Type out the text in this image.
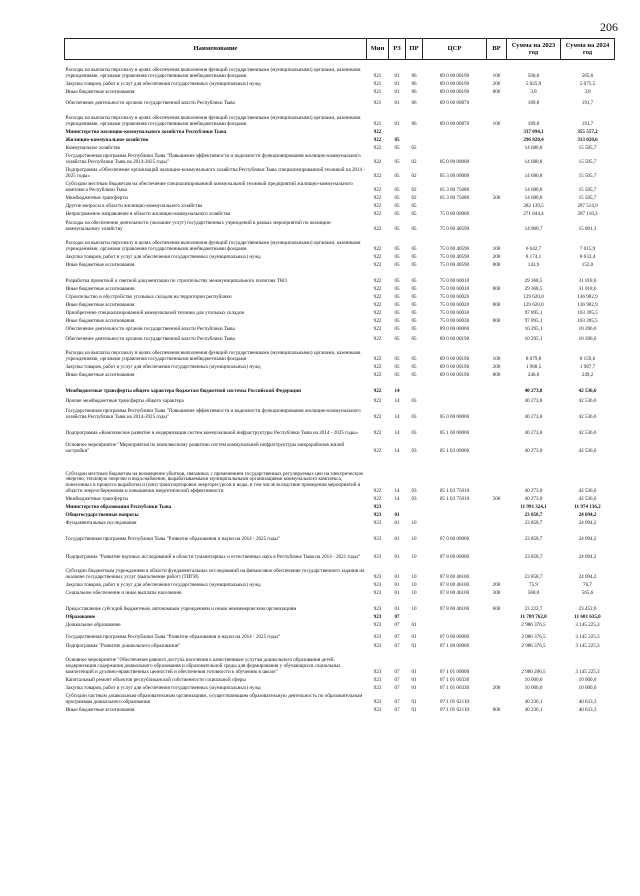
206
Наименование	Мин	РЗ	ПР	ЦСР	ВР	Сумма на 2023 год	Сумма на 2024 год
Расходы на выплаты персоналу в целях обеспечения выполнения функций государственными (муниципальными) органами, казенными учреждениями, органами управления государственными внебюджетными фондами	921	01	06	89 0 00 00190	100	560,0	565,6
Закупка товаров, работ и услуг для обеспечения государственных (муниципальных) нужд	921	01	06	89 0 00 00190	200	5 025,9	5 075,5
Иные бюджетные ассигнования	921	01	06	89 0 00 00190	800	3,8	3,8
Обеспечение деятельности органов государственной власти Республики Тыва	921	01	06	89 0 00 00870		189,8	191,7
Расходы на выплаты персоналу в целях обеспечения выполнения функций государственными (муниципальными) органами, казенными учреждениями, органами управления государственными внебюджетными фондами	921	01	06	89 0 00 00870	100	189,8	191,7
Министерство жилищно-коммунального хозяйства Республики Тыва	922					337 094,1	355 557,2
Жилищно-коммунальное хозяйство	922	05				296 820,4	313 020,6
Коммунальное хозяйство	922	05	02			14 680,8	15 505,7
Государственная программа Республики Тыва "Повышение эффективности и надежности функционирования жилищно-коммунального хозяйства Республики Тыва на 2014-2025 годы"	922	05	02	05 0 00 00000		14 680,8	15 505,7
Подпрограмма «Обеспечение организаций жилищно-коммунального хозяйства Республики Тыва специализированной техникой на 2014 - 2025 годы»	922	05	02	05 3 00 00000		14 680,8	15 505,7
Субсидии местным бюджетам на обеспечение специализированной коммунальной техникой предприятий жилищно-коммунального комплекса Республики Тыва	922	05	02	05 3 00 75080		14 680,8	15 505,7
Межбюджетные трансферты	922	05	02	05 3 00 75080	500	14 680,8	15 505,7
Другие вопросы в области жилищно-коммунального хозяйства	922	05	05			282 139,5	297 514,9
Непрограммное направление в области жилищно-коммунального хозяйства	922	05	05	75 0 00 00000		271 844,4	287 118,3
Расходы на обеспечение деятельности (оказание услуг) государственных учреждений в рамках мероприятий по жилищно-коммунальному хозяйству	922	05	05	75 0 00 40590		14 960,7	15 801,3
Расходы на выплаты персоналу в целях обеспечения выполнения функций государственными (муниципальными) органами, казенными учреждениями, органами управления государственными внебюджетными фондами	922	05	05	75 0 00 40590	100	6 642,7	7 015,9
Закупка товаров, работ и услуг для обеспечения государственных (муниципальных) нужд	922	05	05	75 0 00 40590	200	8 174,1	8 633,4
Иные бюджетные ассигнования	922	05	05	75 0 00 40590	800	143,9	152,0
Разработка проектной и сметной документации по строительству межмуниципального полигона ТКО	922	05	05	75 0 00 60010		29 368,5	31 018,6
Иные бюджетные ассигнования	922	05	05	75 0 00 60010	800	29 368,5	31 018,6
Строительство и обустройство угольных складов на территории республики	922	05	05	75 0 00 60020		129 620,0	136 902,9
Иные бюджетные ассигнования	922	05	05	75 0 00 60020	800	129 620,0	136 902,9
Приобретение специализированной коммунальной техники для угольных складов	922	05	05	75 0 00 60030		97 895,1	103 395,5
Иные бюджетные ассигнования	922	05	05	75 0 00 60030	800	97 895,1	103 395,5
Обеспечение деятельности органов государственной власти Республики Тыва	922	05	05	89 0 00 00000		10 295,1	10 396,6
Обеспечение деятельности органов государственной власти Республики Тыва	922	05	05	89 0 00 00190		10 295,1	10 396,6
Расходы на выплаты персоналу в целях обеспечения выполнения функций государственными (муниципальными) органами, казенными учреждениями, органами управления государственными внебюджетными фондами	922	05	05	89 0 00 00190	100	8 079,8	8 159,6
Закупка товаров, работ и услуг для обеспечения государственных (муниципальных) нужд	922	05	05	89 0 00 00190	200	1 968,5	1 987,7
Иные бюджетные ассигнования	922	05	05	89 0 00 00190	800	246,8	249,2
Межбюджетные трансферты общего характера бюджетам бюджетной системы Российской Федерации	922	14				40 273,8	42 536,6
Прочие межбюджетные трансферты общего характера	922	14	03			40 273,8	42 536,6
Государственная программа Республики Тыва "Повышение эффективности и надежности функционирования жилищно-коммунального хозяйства Республики Тыва на 2014-2025 годы"	922	14	03	05 0 00 00000		40 273,8	42 536,6
Подпрограмма «Комплексное развитие и модернизация систем коммунальной инфраструктуры Республики Тыва на 2014 - 2025 годы»	922	14	03	05 1 00 00000		40 273,8	42 536,6
Основное мероприятие "Мероприятия по комплексному развитию систем коммунальной инфраструктуры микрорайонов жилой застройки"	922	14	03	05 1 03 00000		40 273,8	42 536,6
Субсидии местным бюджетам на возмещение убытков, связанных с применением государственных регулируемых цен на электрическую энергию, тепловую энергию и водоснабжение, вырабатываемыми муниципальными организациями коммунального комплекса, понесенных в процессе выработки и (или) транспортировки энергоресурсов и воды, в том числе вследствие проведения мероприятий в области энергосбережения и повышения энергетической эффективности	922	14	03	05 1 03 75010		40 273,8	42 536,6
Межбюджетные трансферты	922	14	03	05 1 03 75010	500	40 273,8	42 536,6
Министерство образования Республики Тыва	923					11 991 324,1	11 974 136,2
Общегосударственные вопросы	923	01				23 858,7	24 094,2
Фундаментальные исследования	923	01	10			23 858,7	24 094,2
Государственная программа Республики Тыва "Развитие образования и науки на 2014 - 2025 годы"	923	01	10	07 0 00 00000		23 858,7	24 094,2
Подпрограмма "Развитие научных исследований в области гуманитарных и естественных наук в Республике Тыва на 2014 - 2021 годы"	923	01	10	07 8 00 00000		23 858,7	24 094,2
Субсидии бюджетным учреждениям в области фундаментальных исследований на финансовое обеспечение государственного задания на оказание государственных услуг (выполнение работ) (ТИГИ)	923	01	10	07 8 00 46100		23 858,7	24 094,2
Закупка товаров, работ и услуг для обеспечения государственных (муниципальных) нужд	923	01	10	07 8 00 46100	200	75,9	76,7
Социальное обеспечение и иные выплаты населению	923	01	10	07 8 00 46100	300	560,0	565,6
Предоставление субсидий бюджетным, автономным учреждениям и иным некоммерческим организациям	923	01	10	07 8 00 46100	600	23 222,7	23 452,0
Образование	923	07				11 709 762,0	11 681 635,0
Дошкольное образование	923	07	01			2 986 376,5	3 145 225,3
Государственная программа Республики Тыва "Развитие образования и науки на 2014 - 2025 годы"	923	07	01	07 0 00 00000		2 986 376,5	3 145 225,3
Подпрограмма "Развитие дошкольного образования"	923	07	01	07 1 00 00000		2 986 376,5	3 145 225,3
Основное мероприятие "Обеспечение равного доступа населения к качественным услугам дошкольного образования детей: модернизация содержания дошкольного образования и образовательной среды для формирования у обучающихся социальных компетенций и духовно-нравственных ценностей и обеспечения готовности к обучению в школе"	923	07	01	07 1 01 00000		2 980 206,5	3 145 225,3
Капитальный ремонт объектов республиканской собственности социальной сферы	923	07	01	07 1 01 00330		10 000,0	10 000,0
Закупка товаров, работ и услуг для обеспечения государственных (муниципальных) нужд	923	07	01	07 1 01 00330	200	10 000,0	10 000,0
Субсидии частным дошкольным образовательным организациям, осуществляющим образовательную деятельность по образовательным программам дошкольного образования	923	07	01	07 1 01 62110		40 236,1	40 633,3
Иные бюджетные ассигнования	923	07	01	07 1 01 62110	800	40 236,1	40 633,3
